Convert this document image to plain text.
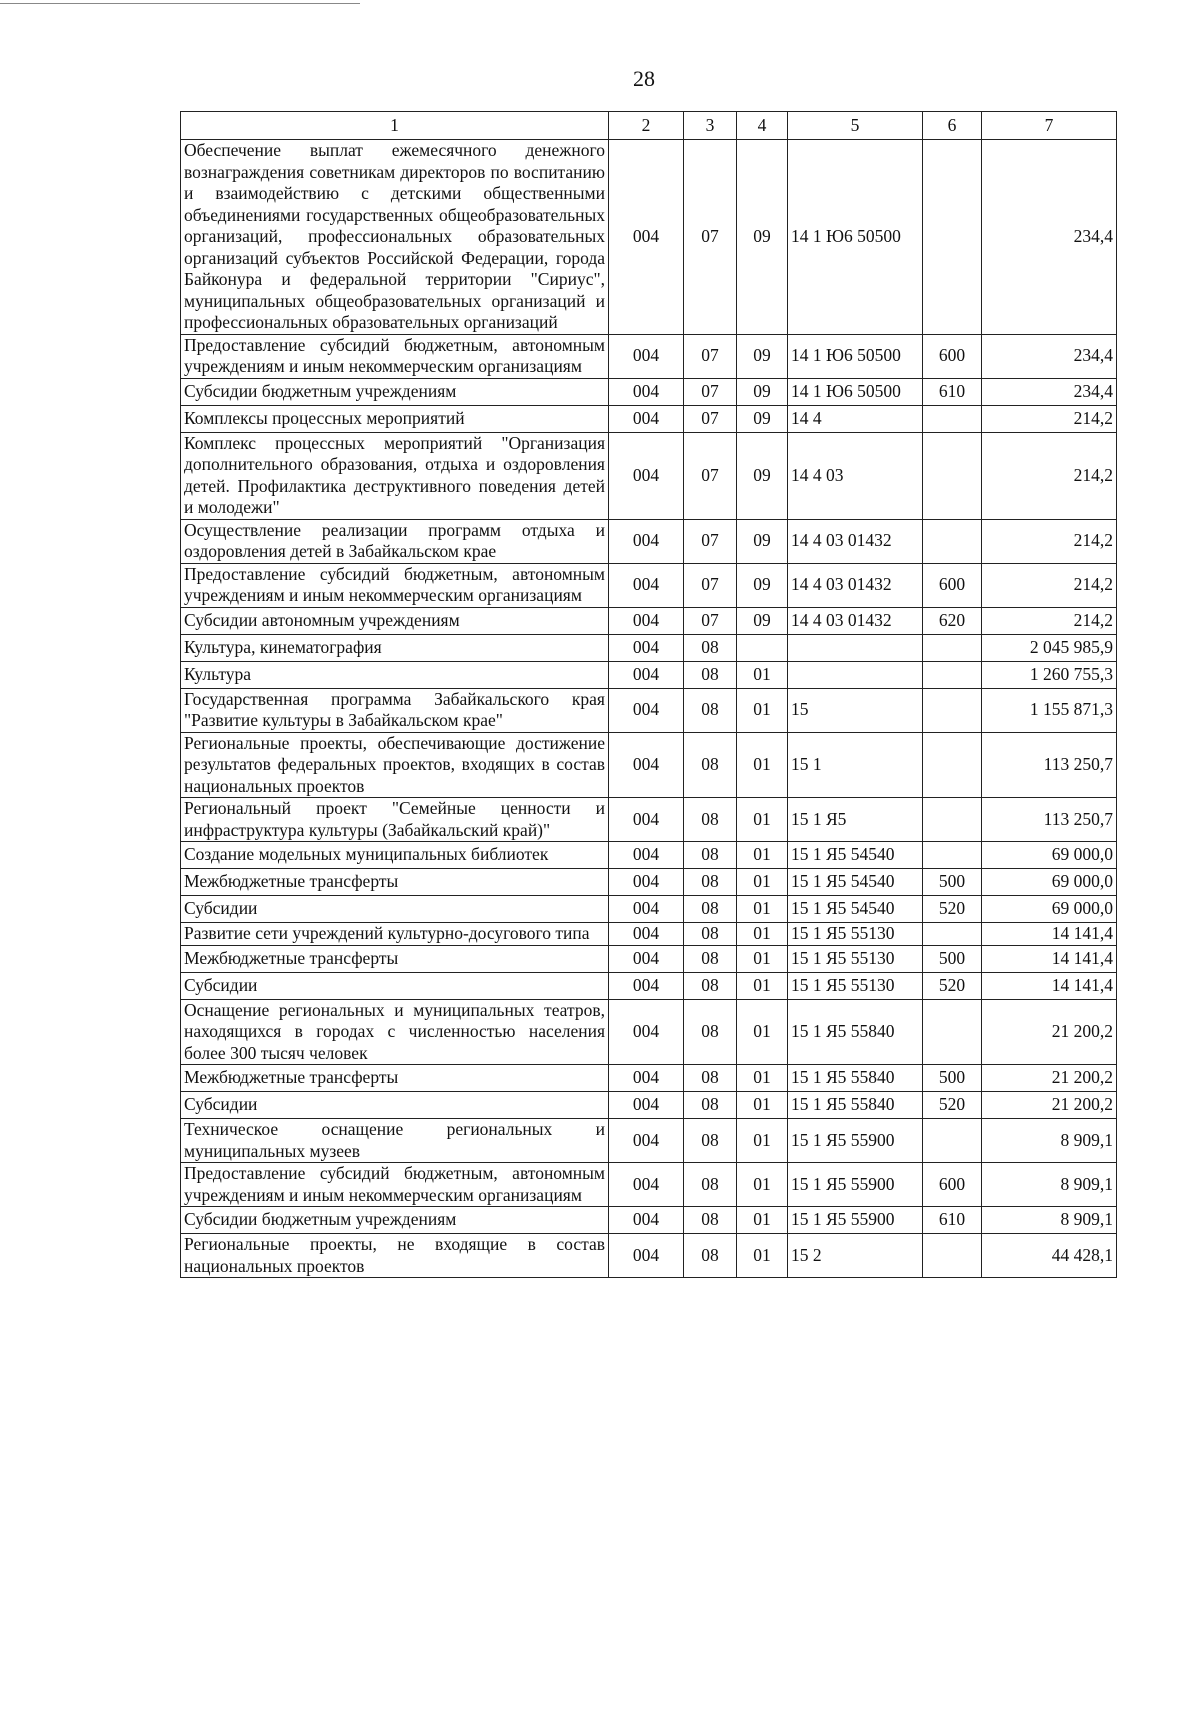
28
1	2	3	4	5	6	7
Обеспечение выплат ежемесячного денежного вознаграждения советникам директоров по воспитанию и взаимодействию с детскими общественными объединениями государственных общеобразовательных организаций, профессиональных образовательных организаций субъектов Российской Федерации, города Байконура и федеральной территории "Сириус", муниципальных общеобразовательных организаций и профессиональных образовательных организаций	004	07	09	14 1 Ю6 50500		234,4
Предоставление субсидий бюджетным, автономным учреждениям и иным некоммерческим организациям	004	07	09	14 1 Ю6 50500	600	234,4
Субсидии бюджетным учреждениям	004	07	09	14 1 Ю6 50500	610	234,4
Комплексы процессных мероприятий	004	07	09	14 4		214,2
Комплекс процессных мероприятий "Организация дополнительного образования, отдыха и оздоровления детей. Профилактика деструктивного поведения детей и молодежи"	004	07	09	14 4 03		214,2
Осуществление реализации программ отдыха и оздоровления детей в Забайкальском крае	004	07	09	14 4 03 01432		214,2
Предоставление субсидий бюджетным, автономным учреждениям и иным некоммерческим организациям	004	07	09	14 4 03 01432	600	214,2
Субсидии автономным учреждениям	004	07	09	14 4 03 01432	620	214,2
Культура, кинематография	004	08				2 045 985,9
Культура	004	08	01			1 260 755,3
Государственная программа Забайкальского края "Развитие культуры в Забайкальском крае"	004	08	01	15		1 155 871,3
Региональные проекты, обеспечивающие достижение результатов федеральных проектов, входящих в состав национальных проектов	004	08	01	15 1		113 250,7
Региональный проект "Семейные ценности и инфраструктура культуры (Забайкальский край)"	004	08	01	15 1 Я5		113 250,7
Создание модельных муниципальных библиотек	004	08	01	15 1 Я5 54540		69 000,0
Межбюджетные трансферты	004	08	01	15 1 Я5 54540	500	69 000,0
Субсидии	004	08	01	15 1 Я5 54540	520	69 000,0
Развитие сети учреждений культурно-досугового типа	004	08	01	15 1 Я5 55130		14 141,4
Межбюджетные трансферты	004	08	01	15 1 Я5 55130	500	14 141,4
Субсидии	004	08	01	15 1 Я5 55130	520	14 141,4
Оснащение региональных и муниципальных театров, находящихся в городах с численностью населения более 300 тысяч человек	004	08	01	15 1 Я5 55840		21 200,2
Межбюджетные трансферты	004	08	01	15 1 Я5 55840	500	21 200,2
Субсидии	004	08	01	15 1 Я5 55840	520	21 200,2
Техническое оснащение региональных и муниципальных музеев	004	08	01	15 1 Я5 55900		8 909,1
Предоставление субсидий бюджетным, автономным учреждениям и иным некоммерческим организациям	004	08	01	15 1 Я5 55900	600	8 909,1
Субсидии бюджетным учреждениям	004	08	01	15 1 Я5 55900	610	8 909,1
Региональные проекты, не входящие в состав национальных проектов	004	08	01	15 2		44 428,1
